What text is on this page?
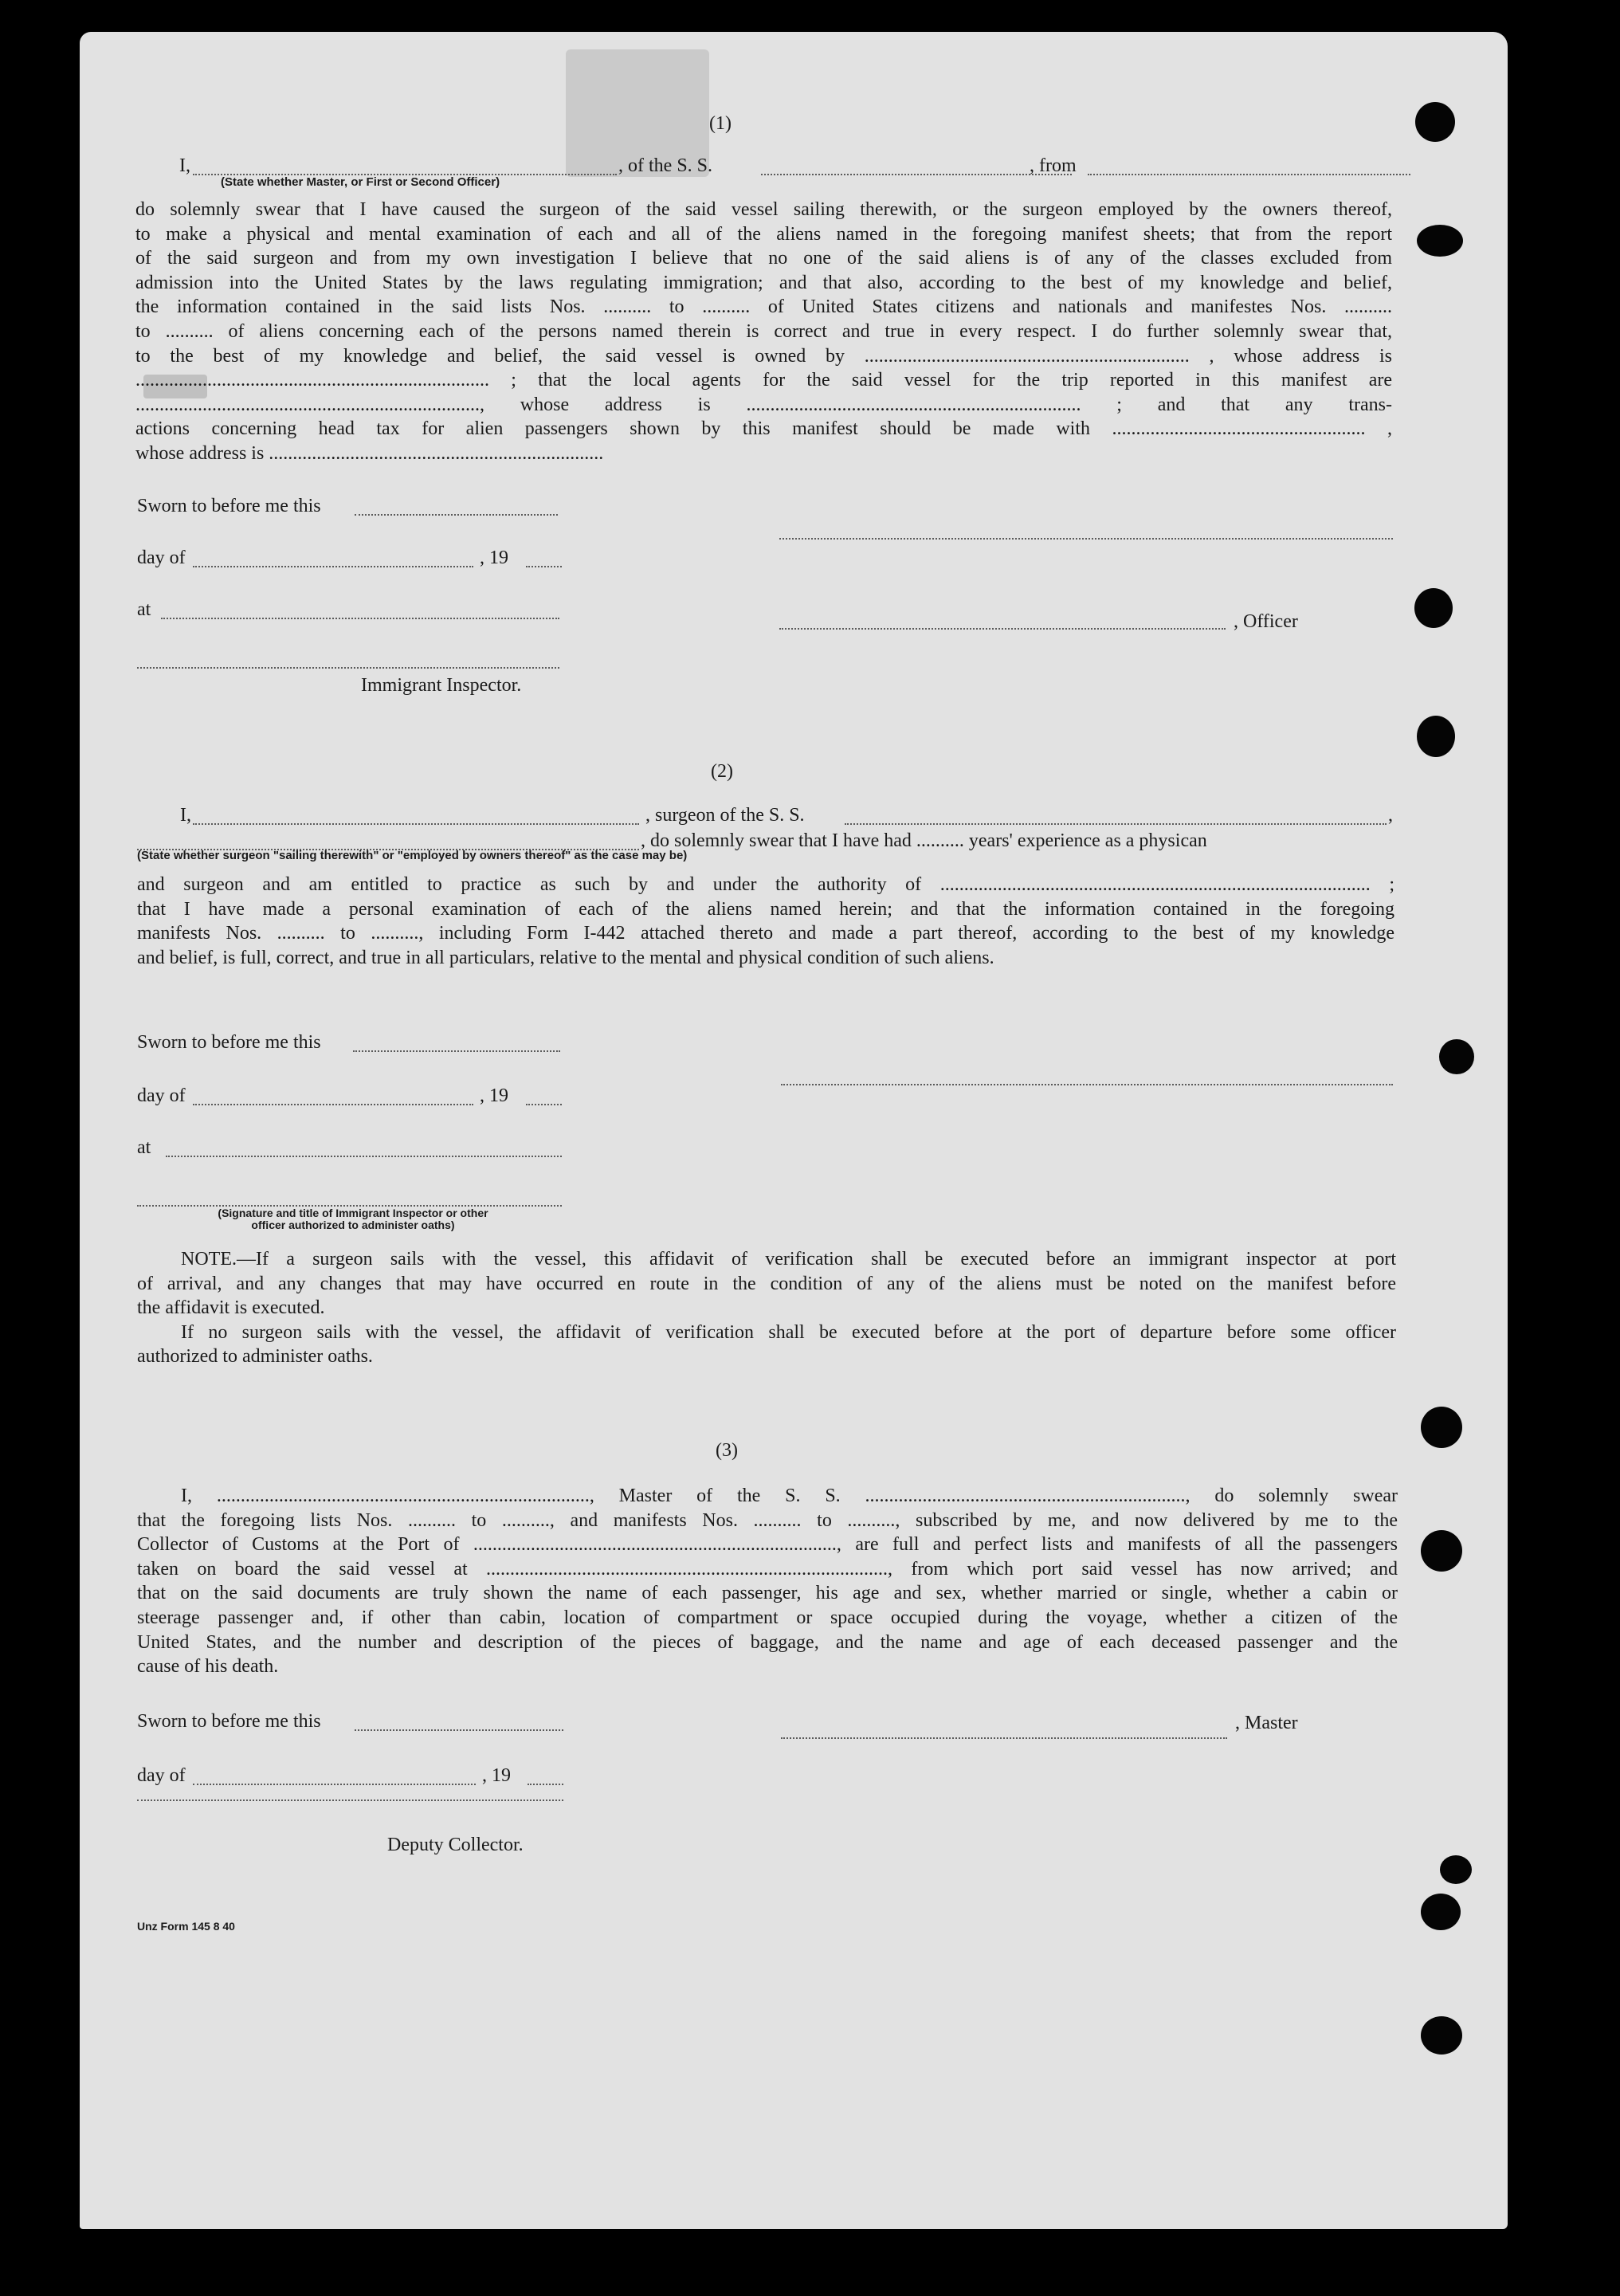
(1)
I,	, of the S. S.	, from
(State whether Master, or First or Second Officer)
do solemnly swear that I have caused the surgeon of the said vessel sailing therewith, or the surgeon employed by the owners thereof,
to make a physical and mental examination of each and all of the aliens named in the foregoing manifest sheets; that from the report
of the said surgeon and from my own investigation I believe that no one of the said aliens is of any of the classes excluded from
admission into the United States by the laws regulating immigration; and that also, according to the best of my knowledge and belief,
the information contained in the said lists Nos. .......... to .......... of United States citizens and nationals and manifestes Nos. ..........
to .......... of aliens concerning each of the persons named therein is correct and true in every respect. I do further solemnly swear that,
to the best of my knowledge and belief, the said vessel is owned by .................................................................... , whose address is
.......................................................................... ; that the local agents for the said vessel for the trip reported in this manifest are
........................................................................, whose address is ...................................................................... ; and that any trans-
actions concerning head tax for alien passengers shown by this manifest should be made with ..................................................... ,
whose address is ......................................................................
Sworn to before me this
day of	, 19
at
, Officer
Immigrant Inspector.
(2)
I,	, surgeon of the S. S.	,
, do solemnly swear that I have had .......... years' experience as a physican
(State whether surgeon "sailing therewith" or "employed by owners thereof" as the case may be)
and surgeon and am entitled to practice as such by and under the authority of .......................................................................................... ;
that I have made a personal examination of each of the aliens named herein; and that the information contained in the foregoing
manifests Nos. .......... to .........., including Form I-442 attached thereto and made a part thereof, according to the best of my knowledge
and belief, is full, correct, and true in all particulars, relative to the mental and physical condition of such aliens.
Sworn to before me this
day of	, 19
at
(Signature and title of Immigrant Inspector or other
officer authorized to administer oaths)
NOTE.—If a surgeon sails with the vessel, this affidavit of verification shall be executed before an immigrant inspector at port
of arrival, and any changes that may have occurred en route in the condition of any of the aliens must be noted on the manifest before
the affidavit is executed.
If no surgeon sails with the vessel, the affidavit of verification shall be executed before at the port of departure before some officer
authorized to administer oaths.
(3)
I, .............................................................................., Master of the S. S. ..................................................................., do solemnly swear
that the foregoing lists Nos. .......... to .........., and manifests Nos. .......... to .........., subscribed by me, and now delivered by me to the
Collector of Customs at the Port of ............................................................................, are full and perfect lists and manifests of all the passengers
taken on board the said vessel at ...................................................................................., from which port said vessel has now arrived; and
that on the said documents are truly shown the name of each passenger, his age and sex, whether married or single, whether a cabin or
steerage passenger and, if other than cabin, location of compartment or space occupied during the voyage, whether a citizen of the
United States, and the number and description of the pieces of baggage, and the name and age of each deceased passenger and the
cause of his death.
Sworn to before me this	, Master
day of	, 19
Deputy Collector.
Unz Form 145 8 40
